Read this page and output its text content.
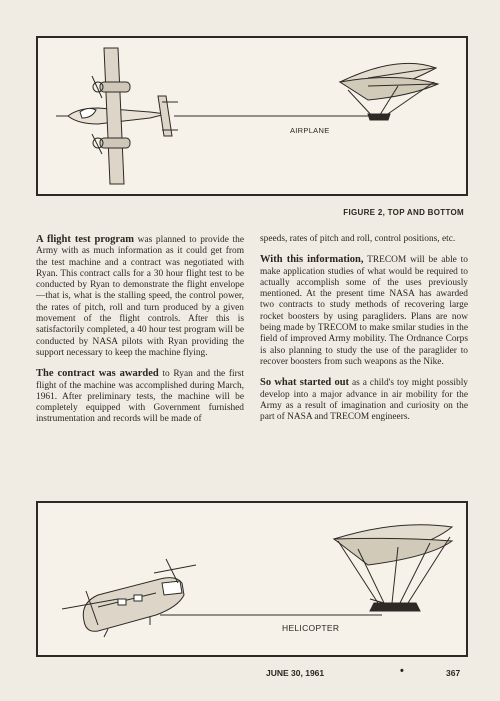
AIRPLANE
FIGURE 2, TOP AND BOTTOM

A flight test program was planned to provide the Army with as much information as it could get from the test machine and a contract was negotiated with Ryan. This contract calls for a 30 hour flight test to be conducted by Ryan to demonstrate the flight envelope—that is, what is the stalling speed, the control power, the rates of pitch, roll and turn produced by a given movement of the flight controls. After this is satisfactorily completed, a 40 hour test program will be conducted by NASA pilots with Ryan providing the support necessary to keep the machine flying.

The contract was awarded to Ryan and the first flight of the machine was accomplished during March, 1961. After preliminary tests, the machine will be completely equipped with Government furnished instrumentation and records will be made of

speeds, rates of pitch and roll, control positions, etc.

With this information, TRECOM will be able to make application studies of what would be required to actually accomplish some of the uses previously mentioned. At the present time NASA has awarded two contracts to study methods of recovering large rocket boosters by using paragliders. Plans are now being made by TRECOM to make smilar studies in the field of improved Army mobility. The Ordnance Corps is also planning to study the use of the paraglider to recover boosters from such weapons as the Nike.

So what started out as a child's toy might possibly develop into a major advance in air mobility for the Army as a result of imagination and curiosity on the part of NASA and TRECOM engineers.

HELICOPTER
JUNE 30, 1961	•	367
